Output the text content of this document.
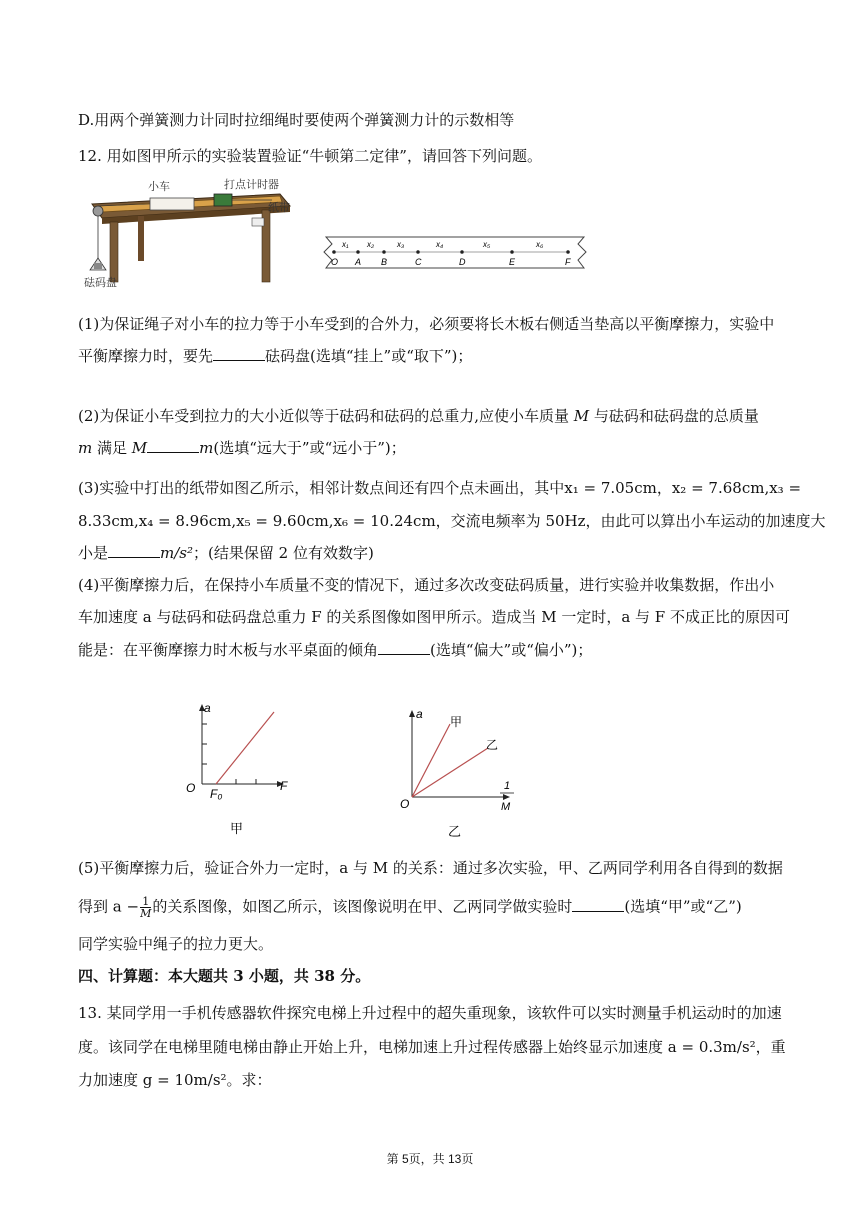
D.用两个弹簧测力计同时拉细绳时要使两个弹簧测力计的示数相等
12. 用如图甲所示的实验装置验证“牛顿第二定律”，请回答下列问题。
小车	打点计时器
纸带
砝码盘
O A B	C	D	E	F
x₁ x₂	x₃	x₄	x₅	x₆
(1)为保证绳子对小车的拉力等于小车受到的合外力，必须要将长木板右侧适当垫高以平衡摩擦力，实验中
平衡摩擦力时，要先	砝码盘(选填“挂上”或“取下”)；
(2)为保证小车受到拉力的大小近似等于砝码和砝码的总重力,应使小车质量 M 与砝码和砝码盘的总质量
m 满足 M	m(选填“远大于”或“远小于”)；
(3)实验中打出的纸带如图乙所示，相邻计数点间还有四个点未画出，其中x₁ = 7.05cm，x₂ = 7.68cm,x₃ =
8.33cm,x₄ = 8.96cm,x₅ = 9.60cm,x₆ = 10.24cm，交流电频率为 50Hz，由此可以算出小车运动的加速度大
小是	m/s²；(结果保留 2 位有效数字)
(4)平衡摩擦力后，在保持小车质量不变的情况下，通过多次改变砝码质量，进行实验并收集数据，作出小
车加速度 a 与砝码和砝码盘总重力 F 的关系图像如图甲所示。造成当 M 一定时，a 与 F 不成正比的原因可
能是：在平衡摩擦力时木板与水平桌面的倾角	(选填“偏大”或“偏小”)；
a
F
O F₀
甲
a
甲
乙
O
1
M
乙
(5)平衡摩擦力后，验证合外力一定时，a 与 M 的关系：通过多次实验，甲、乙两同学利用各自得到的数据
得到 $a - \frac{1}{M}$ 的关系图像，如图乙所示，该图像说明在甲、乙两同学做实验时	(选填“甲”或“乙”)
同学实验中绳子的拉力更大。
四、计算题：本大题共 3 小题，共 38 分。
13. 某同学用一手机传感器软件探究电梯上升过程中的超失重现象，该软件可以实时测量手机运动时的加速
度。该同学在电梯里随电梯由静止开始上升，电梯加速上升过程传感器上始终显示加速度 a = 0.3m/s²，重
力加速度 g = 10m/s²。求：
第 5页，共 13页
